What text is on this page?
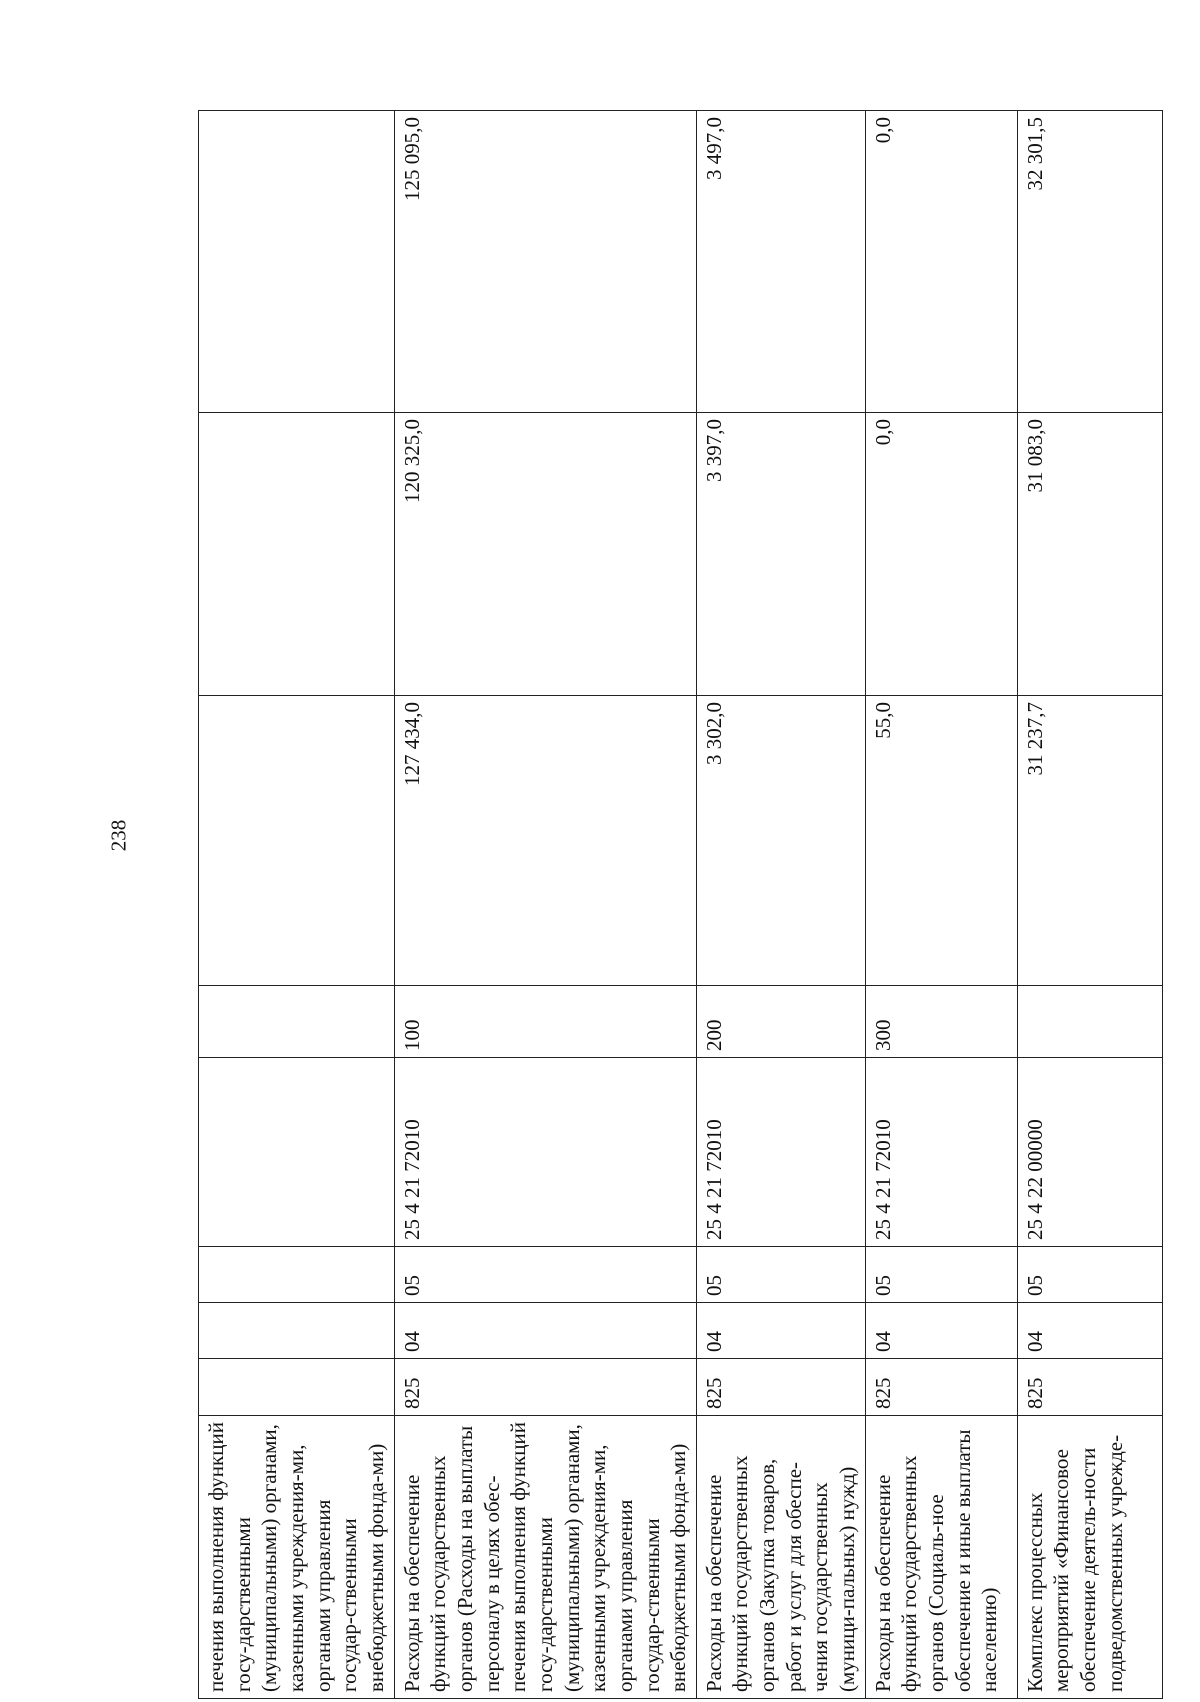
238
печения выполнения функций госу-дарственными (муниципальными) органами, казенными учреждения-ми, органами управления государ-ственными внебюджетными фонда-ми)								
Расходы на обеспечение функций государственных органов (Расходы на выплаты персоналу в целях обес-печения выполнения функций госу-дарственными (муниципальными) органами, казенными учреждения-ми, органами управления государ-ственными внебюджетными фонда-ми)	825	04	05	25 4 21 72010	100	127 434,0	120 325,0	125 095,0
Расходы на обеспечение функций государственных органов (Закупка товаров, работ и услуг для обеспе-чения государственных (муници-пальных) нужд)	825	04	05	25 4 21 72010	200	3 302,0	3 397,0	3 497,0
Расходы на обеспечение функций государственных органов (Социаль-ное обеспечение и иные выплаты населению)	825	04	05	25 4 21 72010	300	55,0	0,0	0,0
Комплекс процессных мероприятий «Финансовое обеспечение деятель-ности подведомственных учрежде-	825	04	05	25 4 22 00000		31 237,7	31 083,0	32 301,5
